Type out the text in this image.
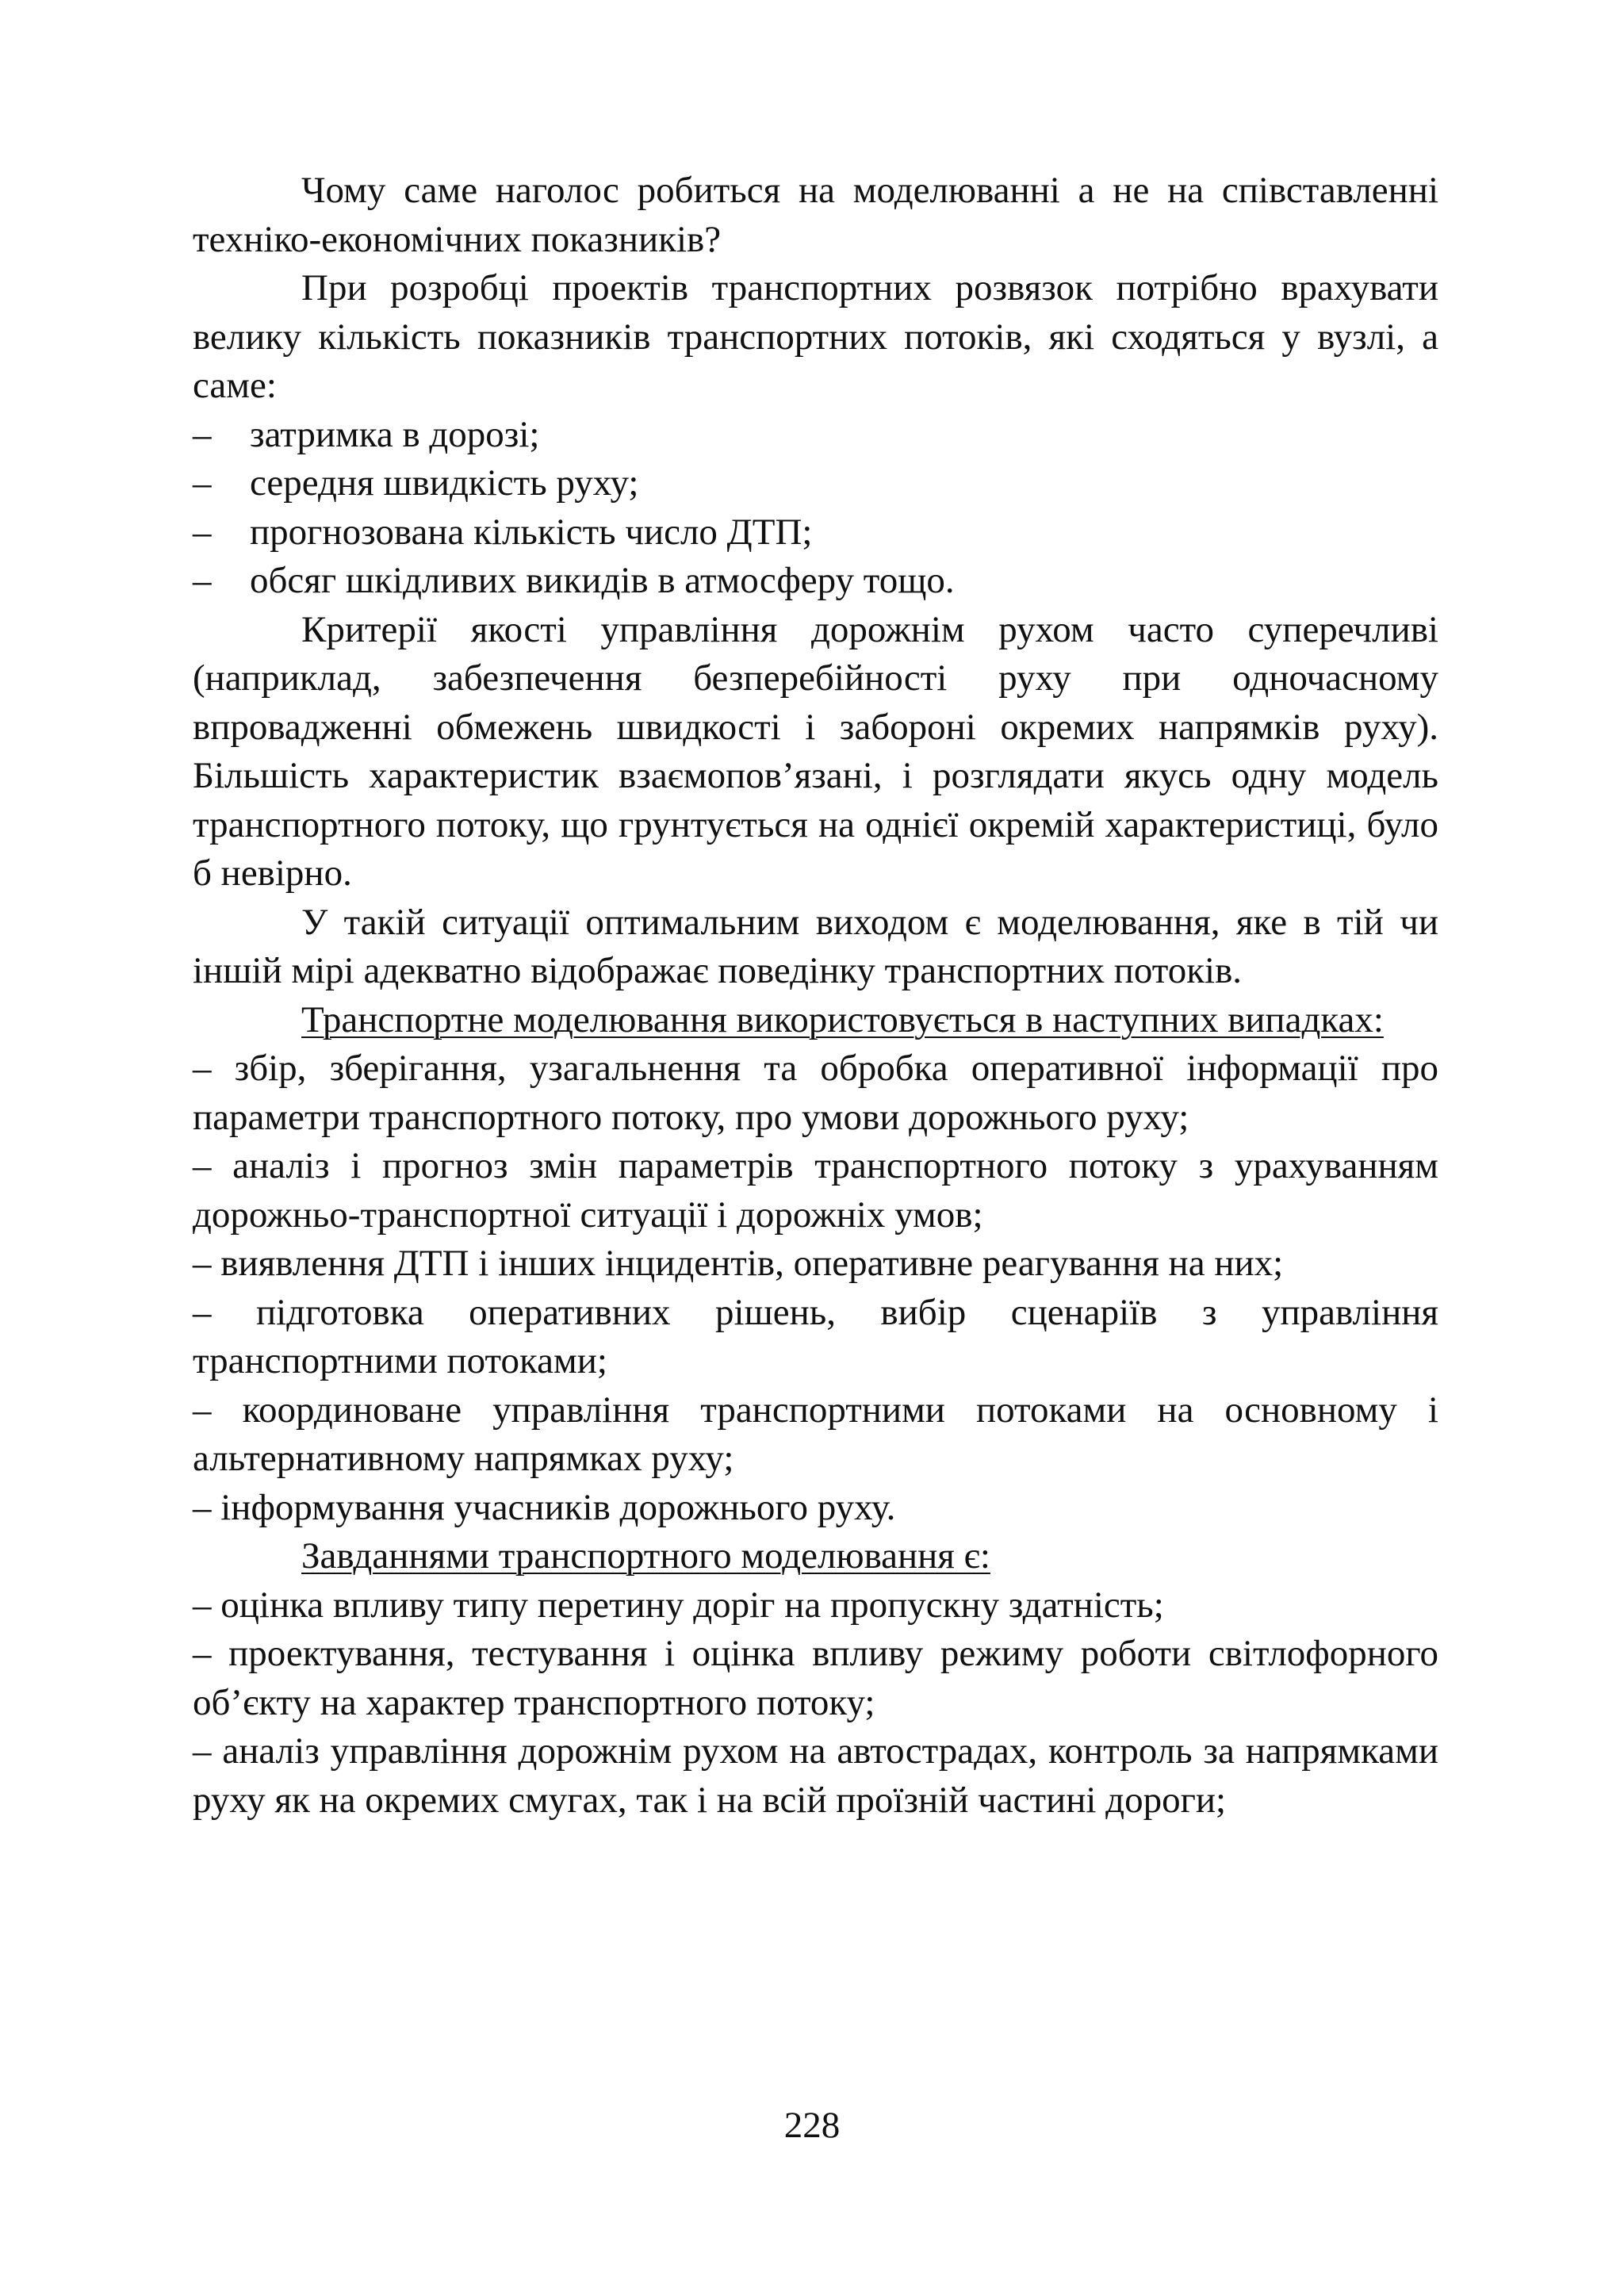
Чому саме наголос робиться на моделюванні а не на співставленні техніко-економічних показників?

При розробці проектів транспортних розвязок потрібно врахувати велику кількість показників транспортних потоків, які сходяться у вузлі, а саме:

– затримка в дорозі;

– середня швидкість руху;

– прогнозована кількість число ДТП;

– обсяг шкідливих викидів в атмосферу тощо.

Критерії якості управління дорожнім рухом часто суперечливі (наприклад, забезпечення безперебійності руху при одночасному впровадженні обмежень швидкості і забороні окремих напрямків руху). Більшість характеристик взаємопов’язані, і розглядати якусь одну модель транспортного потоку, що грунтується на однієї окремій характеристиці, було б невірно.

У такій ситуації оптимальним виходом є моделювання, яке в тій чи іншій мірі адекватно відображає поведінку транспортних потоків.

Транспортне моделювання використовується в наступних випадках:

– збір, зберігання, узагальнення та обробка оперативної інформації про параметри транспортного потоку, про умови дорожнього руху;

– аналіз і прогноз змін параметрів транспортного потоку з урахуванням дорожньо-транспортної ситуації і дорожніх умов;

– виявлення ДТП і інших інцидентів, оперативне реагування на них;

– підготовка оперативних рішень, вибір сценаріїв з управління транспортними потоками;

– координоване управління транспортними потоками на основному і альтернативному напрямках руху;

– інформування учасників дорожнього руху.

Завданнями транспортного моделювання є:

– оцінка впливу типу перетину доріг на пропускну здатність;

– проектування, тестування і оцінка впливу режиму роботи світлофорного об’єкту на характер транспортного потоку;

– аналіз управління дорожнім рухом на автострадах, контроль за напрямками руху як на окремих смугах, так і на всій проїзній частині дороги;

228
